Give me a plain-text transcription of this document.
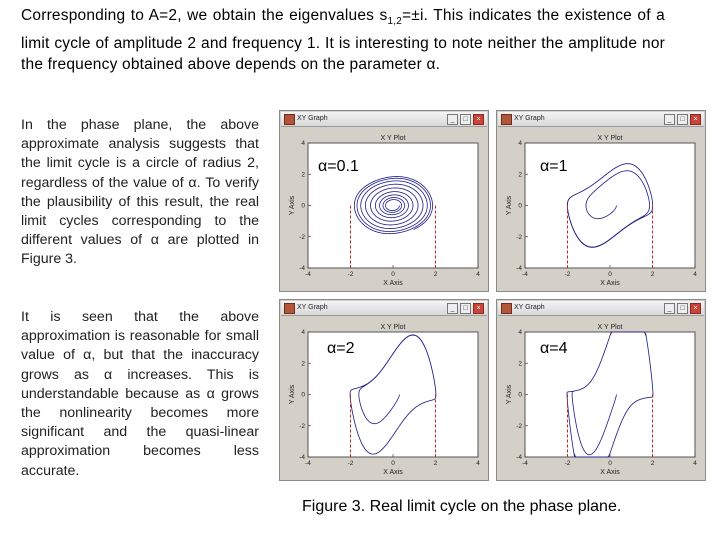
Corresponding to A=2, we obtain the eigenvalues $s_{1,2}=\pm i$. This indicates the existence of a limit cycle of amplitude 2 and frequency 1. It is interesting to note neither the amplitude nor the frequency obtained above depends on the parameter α.
In the phase plane, the above approximate analysis suggests that the limit cycle is a circle of radius 2, regardless of the value of α. To verify the plausibility of this result, the real limit cycles corresponding to the different values of α are plotted in Figure 3.
It is seen that the above approximation is reasonable for small value of α, but that the inaccuracy grows as α increases. This is understandable because as α grows the nonlinearity becomes more significant and the quasi-linear approximation becomes less accurate.
XY Graph	_	□	×
X Y Plot
-4	-2	0	2	4
-4
-2
0
2
4
X Axis
Y Axis
α=0.1
XY Graph	_	□	×
X Y Plot
-4	-2	0	2	4
-4
-2
0
2
4
X Axis
Y Axis
α=1
XY Graph	_	□	×
X Y Plot
-4	-2	0	2	4
-4
-2
0
2
4
X Axis
Y Axis
α=2
XY Graph	_	□	×
X Y Plot
-4	-2	0	2	4
-4
-2
0
2
4
X Axis
Y Axis
α=4
Figure 3. Real limit cycle on the phase plane.
